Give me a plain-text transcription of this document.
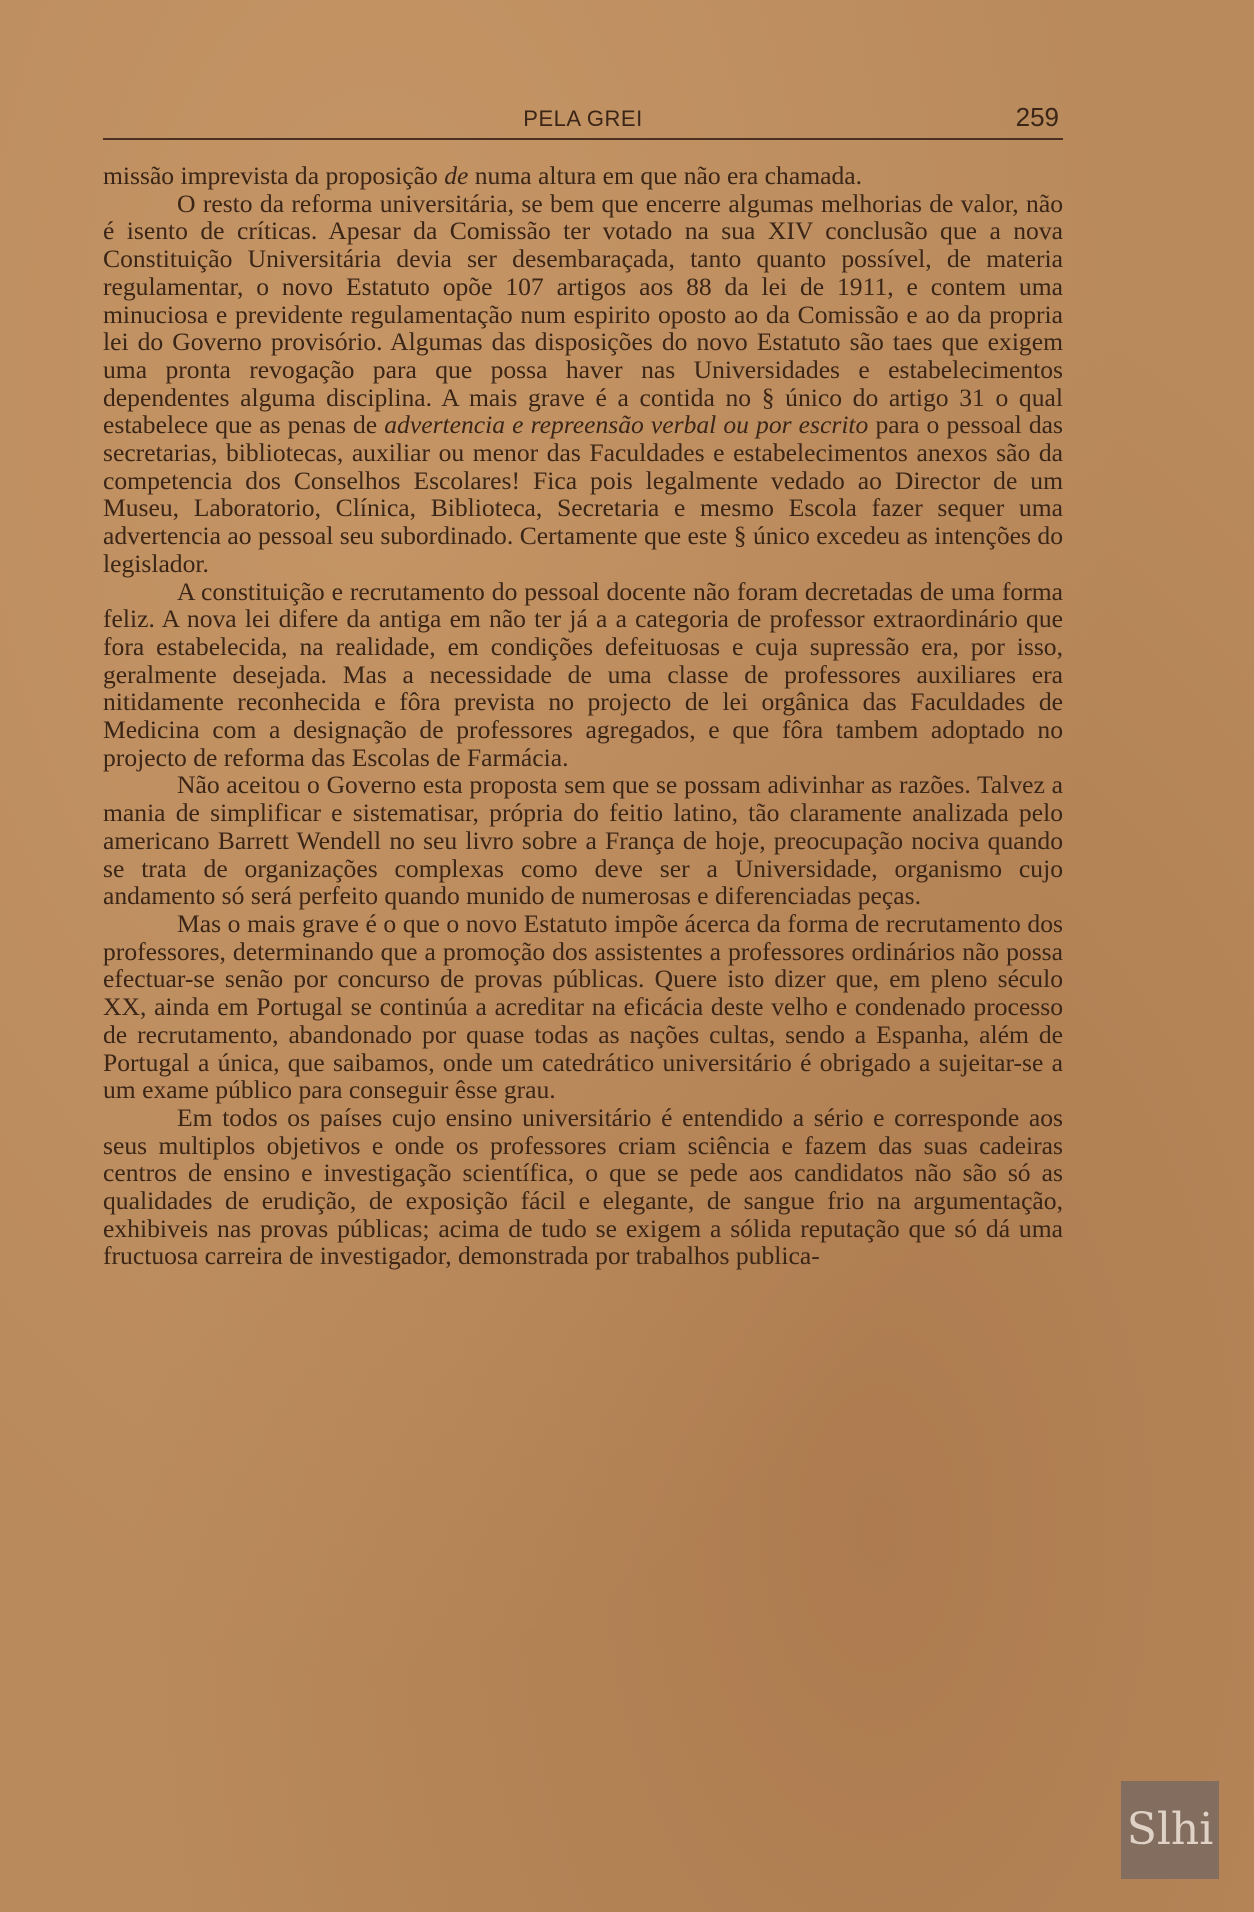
PELA GREI	259

missão imprevista da proposição de numa altura em que não era chamada.

O resto da reforma universitária, se bem que encerre algumas melhorias de valor, não é isento de críticas. Apesar da Comissão ter votado na sua XIV conclusão que a nova Constituição Universitária devia ser desembaraçada, tanto quanto possível, de materia regulamentar, o novo Estatuto opõe 107 artigos aos 88 da lei de 1911, e contem uma minuciosa e previdente regulamentação num espirito oposto ao da Comissão e ao da propria lei do Governo provisório. Algumas das disposições do novo Estatuto são taes que exigem uma pronta revogação para que possa haver nas Universidades e estabelecimentos dependentes alguma disciplina. A mais grave é a contida no § único do artigo 31 o qual estabelece que as penas de advertencia e repreensão verbal ou por escrito para o pessoal das secretarias, bibliotecas, auxiliar ou menor das Faculdades e estabelecimentos anexos são da competencia dos Conselhos Escolares! Fica pois legalmente vedado ao Director de um Museu, Laboratorio, Clínica, Biblioteca, Secretaria e mesmo Escola fazer sequer uma advertencia ao pessoal seu subordinado. Certamente que este § único excedeu as intenções do legislador.

A constituição e recrutamento do pessoal docente não foram decretadas de uma forma feliz. A nova lei difere da antiga em não ter já a a categoria de professor extraordinário que fora estabelecida, na realidade, em condições defeituosas e cuja supressão era, por isso, geralmente desejada. Mas a necessidade de uma classe de professores auxiliares era nitidamente reconhecida e fôra prevista no projecto de lei orgânica das Faculdades de Medicina com a designação de professores agregados, e que fôra tambem adoptado no projecto de reforma das Escolas de Farmácia.

Não aceitou o Governo esta proposta sem que se possam adivinhar as razões. Talvez a mania de simplificar e sistematisar, própria do feitio latino, tão claramente analizada pelo americano Barrett Wendell no seu livro sobre a França de hoje, preocupação nociva quando se trata de organizações complexas como deve ser a Universidade, organismo cujo andamento só será perfeito quando munido de numerosas e diferenciadas peças.

Mas o mais grave é o que o novo Estatuto impõe ácerca da forma de recrutamento dos professores, determinando que a promoção dos assistentes a professores ordinários não possa efectuar-se senão por concurso de provas públicas. Quere isto dizer que, em pleno século XX, ainda em Portugal se continúa a acreditar na eficácia deste velho e condenado processo de recrutamento, abandonado por quase todas as nações cultas, sendo a Espanha, além de Portugal a única, que saibamos, onde um catedrático universitário é obrigado a sujeitar-se a um exame público para conseguir êsse grau.

Em todos os países cujo ensino universitário é entendido a sério e corresponde aos seus multiplos objetivos e onde os professores criam sciência e fazem das suas cadeiras centros de ensino e investigação scientífica, o que se pede aos candidatos não são só as qualidades de erudição, de exposição fácil e elegante, de sangue frio na argumentação, exhibiveis nas provas públicas; acima de tudo se exigem a sólida reputação que só dá uma fructuosa carreira de investigador, demonstrada por trabalhos publica-

Slhi
